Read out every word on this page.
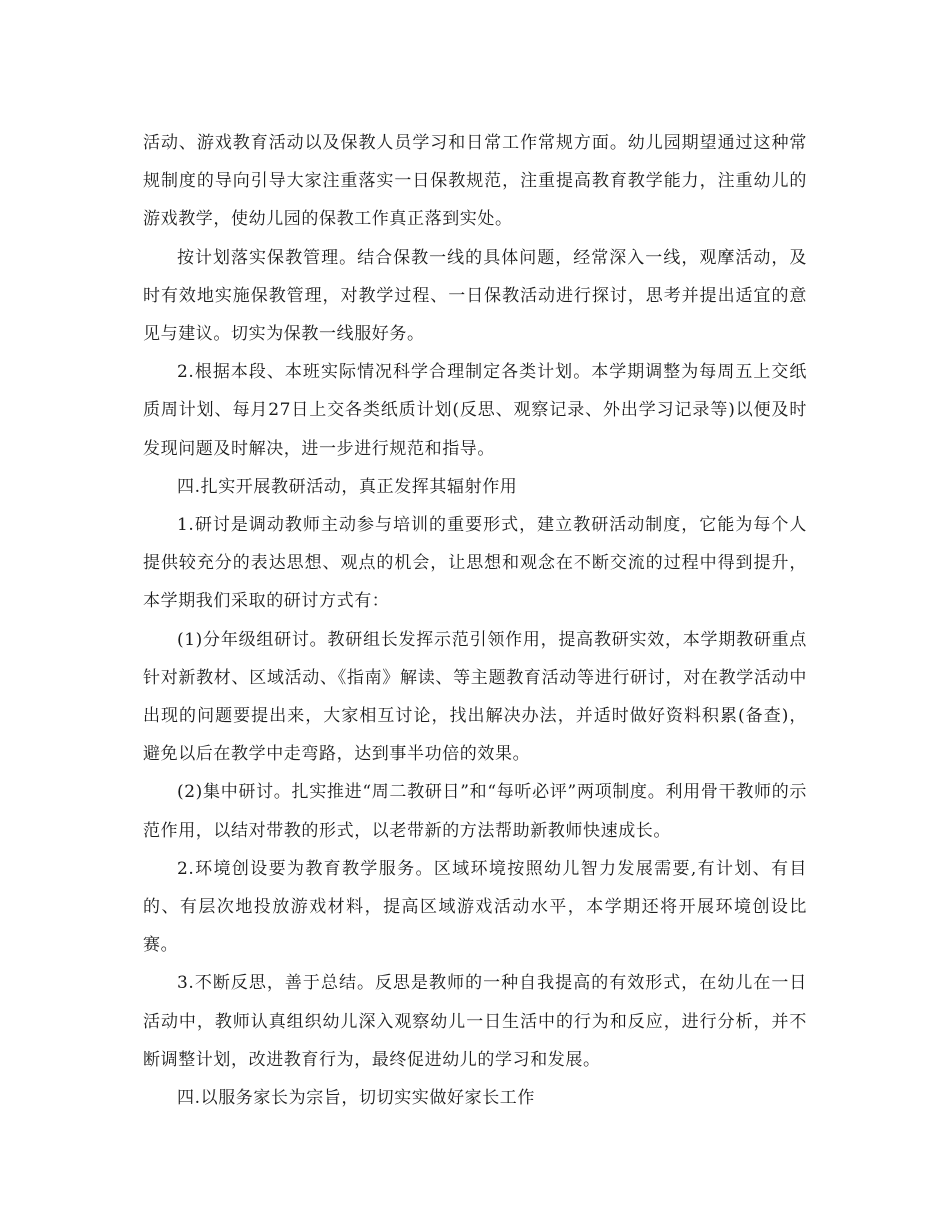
活动、游戏教育活动以及保教人员学习和日常工作常规方面。幼儿园期望通过这种常规制度的导向引导大家注重落实一日保教规范，注重提高教育教学能力，注重幼儿的游戏教学，使幼儿园的保教工作真正落到实处。

按计划落实保教管理。结合保教一线的具体问题，经常深入一线，观摩活动，及时有效地实施保教管理，对教学过程、一日保教活动进行探讨，思考并提出适宜的意见与建议。切实为保教一线服好务。

2.根据本段、本班实际情况科学合理制定各类计划。本学期调整为每周五上交纸质周计划、每月27日上交各类纸质计划(反思、观察记录、外出学习记录等)以便及时发现问题及时解决，进一步进行规范和指导。

四.扎实开展教研活动，真正发挥其辐射作用

1.研讨是调动教师主动参与培训的重要形式，建立教研活动制度，它能为每个人提供较充分的表达思想、观点的机会，让思想和观念在不断交流的过程中得到提升，本学期我们采取的研讨方式有：

(1)分年级组研讨。教研组长发挥示范引领作用，提高教研实效，本学期教研重点针对新教材、区域活动、《指南》解读、等主题教育活动等进行研讨，对在教学活动中出现的问题要提出来，大家相互讨论，找出解决办法，并适时做好资料积累(备查)，避免以后在教学中走弯路，达到事半功倍的效果。

(2)集中研讨。扎实推进“周二教研日”和“每听必评”两项制度。利用骨干教师的示范作用，以结对带教的形式，以老带新的方法帮助新教师快速成长。

2.环境创设要为教育教学服务。区域环境按照幼儿智力发展需要,有计划、有目的、有层次地投放游戏材料，提高区域游戏活动水平，本学期还将开展环境创设比赛。

3.不断反思，善于总结。反思是教师的一种自我提高的有效形式，在幼儿在一日活动中，教师认真组织幼儿深入观察幼儿一日生活中的行为和反应，进行分析，并不断调整计划，改进教育行为，最终促进幼儿的学习和发展。

四.以服务家长为宗旨，切切实实做好家长工作
